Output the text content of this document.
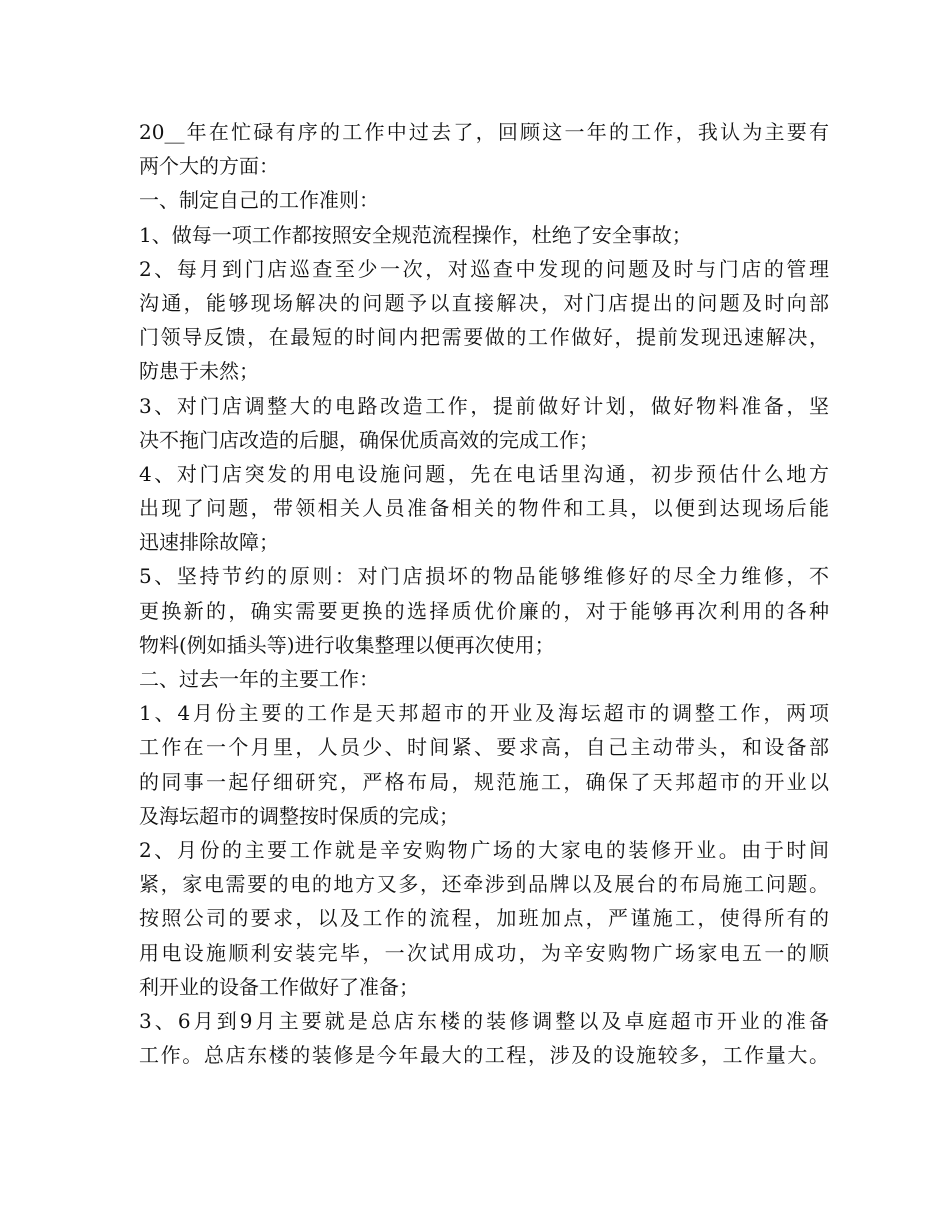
20__年在忙碌有序的工作中过去了，回顾这一年的工作，我认为主要有
两个大的方面：
一、制定自己的工作准则：
1、做每一项工作都按照安全规范流程操作，杜绝了安全事故；
2、每月到门店巡查至少一次，对巡查中发现的问题及时与门店的管理
沟通，能够现场解决的问题予以直接解决，对门店提出的问题及时向部
门领导反馈，在最短的时间内把需要做的工作做好，提前发现迅速解决，
防患于未然；
3、对门店调整大的电路改造工作，提前做好计划，做好物料准备，坚
决不拖门店改造的后腿，确保优质高效的完成工作；
4、对门店突发的用电设施问题，先在电话里沟通，初步预估什么地方
出现了问题，带领相关人员准备相关的物件和工具，以便到达现场后能
迅速排除故障；
5、坚持节约的原则：对门店损坏的物品能够维修好的尽全力维修，不
更换新的，确实需要更换的选择质优价廉的，对于能够再次利用的各种
物料(例如插头等)进行收集整理以便再次使用；
二、过去一年的主要工作：
1、4月份主要的工作是天邦超市的开业及海坛超市的调整工作，两项
工作在一个月里，人员少、时间紧、要求高，自己主动带头，和设备部
的同事一起仔细研究，严格布局，规范施工，确保了天邦超市的开业以
及海坛超市的调整按时保质的完成；
2、月份的主要工作就是辛安购物广场的大家电的装修开业。由于时间
紧，家电需要的电的地方又多，还牵涉到品牌以及展台的布局施工问题。
按照公司的要求，以及工作的流程，加班加点，严谨施工，使得所有的
用电设施顺利安装完毕，一次试用成功，为辛安购物广场家电五一的顺
利开业的设备工作做好了准备；
3、6月到9月主要就是总店东楼的装修调整以及卓庭超市开业的准备
工作。总店东楼的装修是今年最大的工程，涉及的设施较多，工作量大。
